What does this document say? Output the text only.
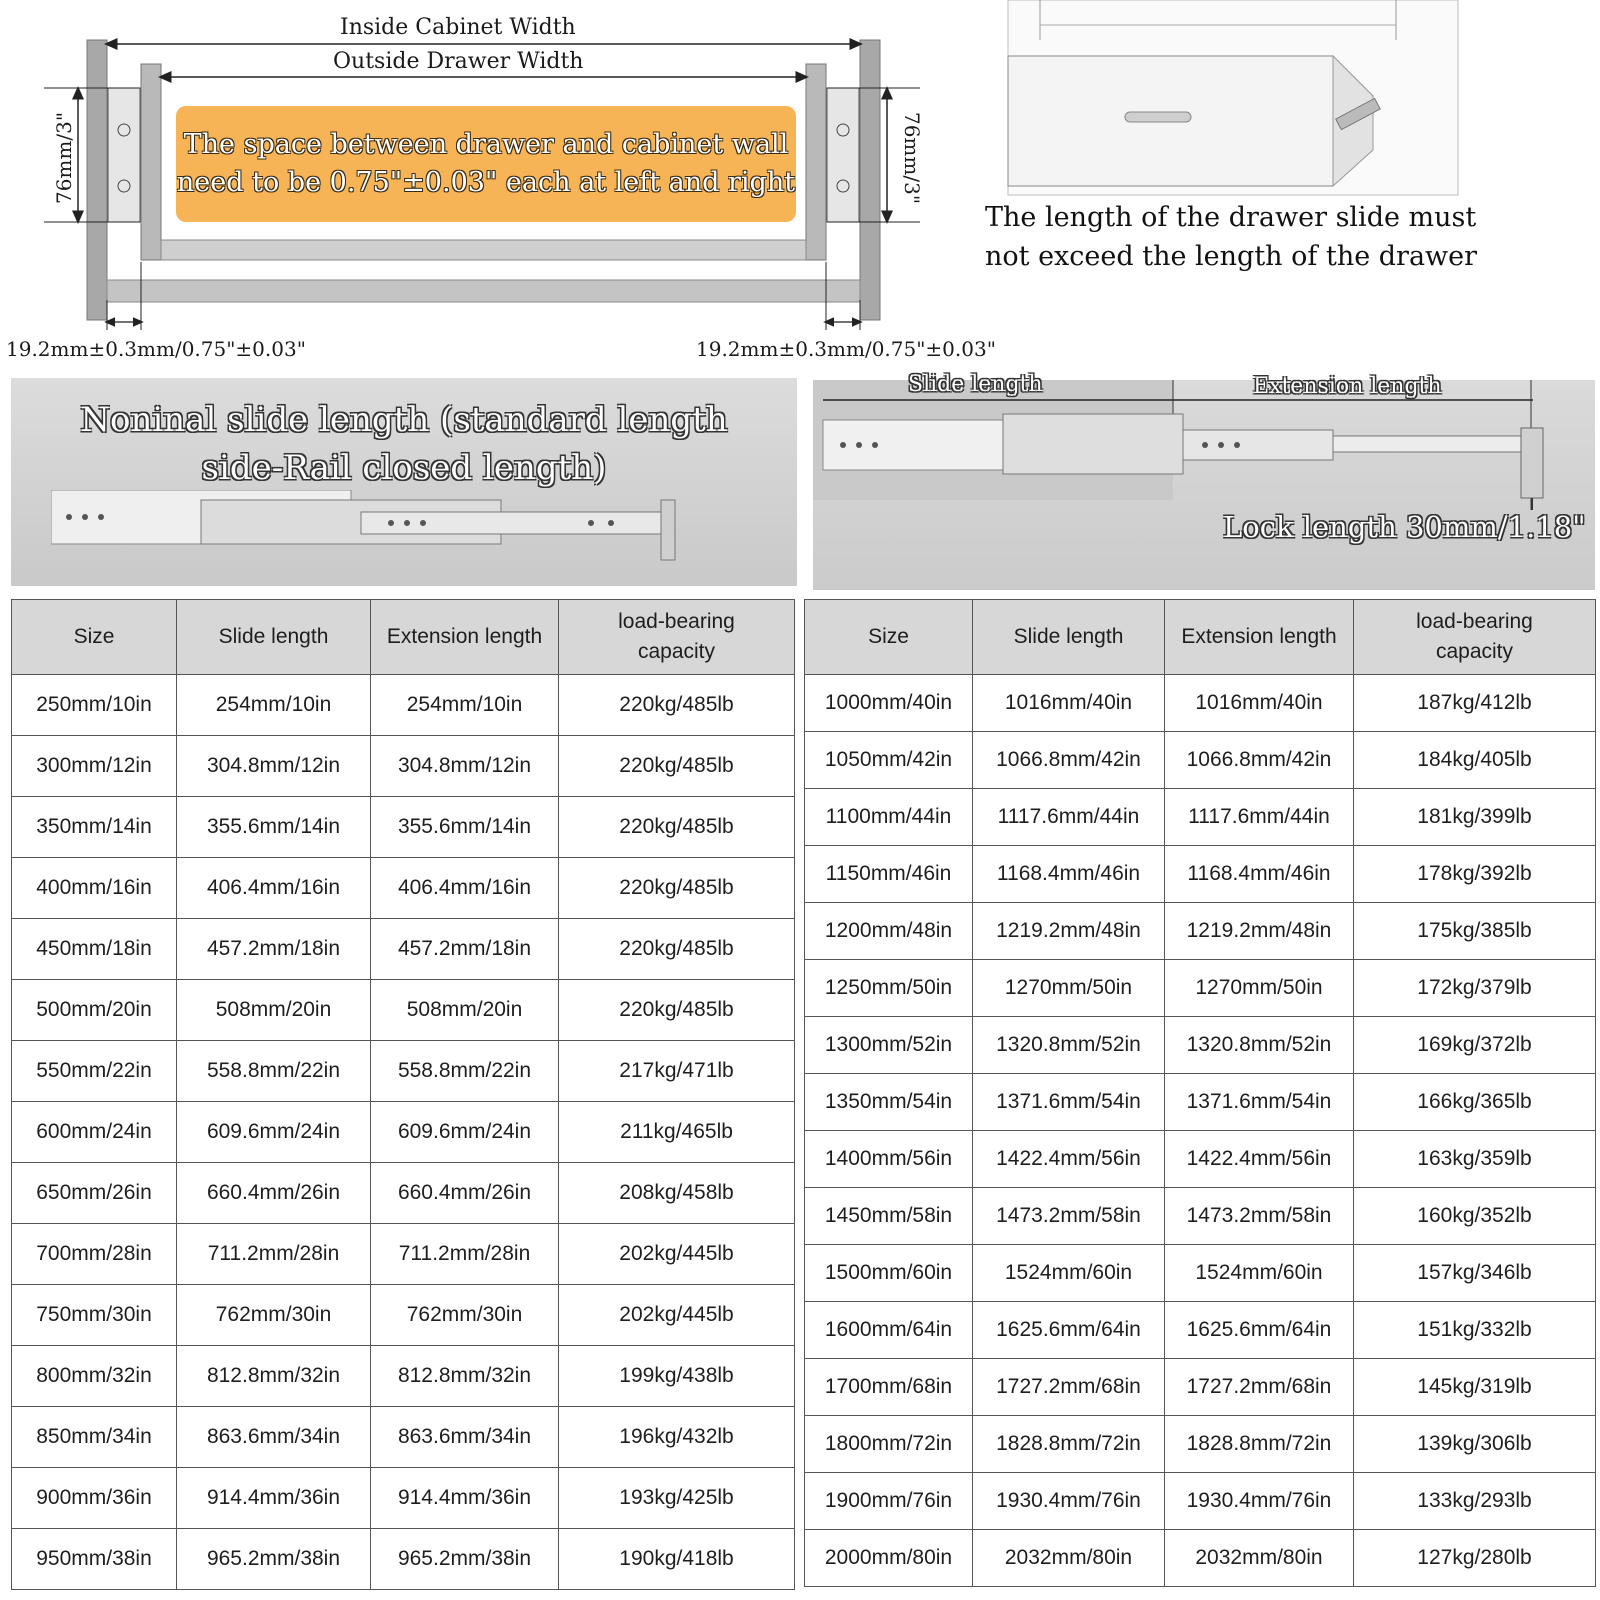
Inside Cabinet Width
Outside Drawer Width
76mm/3"	76mm/3"
The space between drawer and cabinet wall
need to be 0.75"±0.03" each at left and right
19.2mm±0.3mm/0.75"±0.03"	19.2mm±0.3mm/0.75"±0.03"
The length of the drawer slide must
not exceed the length of the drawer
Noninal slide length (standard length
side-Rail closed length)
Slide length	Extension length
Lock length 30mm/1.18"
Size	Slide length	Extension length	load-bearing
capacity
250mm/10in	254mm/10in	254mm/10in	220kg/485lb
300mm/12in	304.8mm/12in	304.8mm/12in	220kg/485lb
350mm/14in	355.6mm/14in	355.6mm/14in	220kg/485lb
400mm/16in	406.4mm/16in	406.4mm/16in	220kg/485lb
450mm/18in	457.2mm/18in	457.2mm/18in	220kg/485lb
500mm/20in	508mm/20in	508mm/20in	220kg/485lb
550mm/22in	558.8mm/22in	558.8mm/22in	217kg/471lb
600mm/24in	609.6mm/24in	609.6mm/24in	211kg/465lb
650mm/26in	660.4mm/26in	660.4mm/26in	208kg/458lb
700mm/28in	711.2mm/28in	711.2mm/28in	202kg/445lb
750mm/30in	762mm/30in	762mm/30in	202kg/445lb
800mm/32in	812.8mm/32in	812.8mm/32in	199kg/438lb
850mm/34in	863.6mm/34in	863.6mm/34in	196kg/432lb
900mm/36in	914.4mm/36in	914.4mm/36in	193kg/425lb
950mm/38in	965.2mm/38in	965.2mm/38in	190kg/418lb
Size	Slide length	Extension length	load-bearing
capacity
1000mm/40in	1016mm/40in	1016mm/40in	187kg/412lb
1050mm/42in	1066.8mm/42in	1066.8mm/42in	184kg/405lb
1100mm/44in	1117.6mm/44in	1117.6mm/44in	181kg/399lb
1150mm/46in	1168.4mm/46in	1168.4mm/46in	178kg/392lb
1200mm/48in	1219.2mm/48in	1219.2mm/48in	175kg/385lb
1250mm/50in	1270mm/50in	1270mm/50in	172kg/379lb
1300mm/52in	1320.8mm/52in	1320.8mm/52in	169kg/372lb
1350mm/54in	1371.6mm/54in	1371.6mm/54in	166kg/365lb
1400mm/56in	1422.4mm/56in	1422.4mm/56in	163kg/359lb
1450mm/58in	1473.2mm/58in	1473.2mm/58in	160kg/352lb
1500mm/60in	1524mm/60in	1524mm/60in	157kg/346lb
1600mm/64in	1625.6mm/64in	1625.6mm/64in	151kg/332lb
1700mm/68in	1727.2mm/68in	1727.2mm/68in	145kg/319lb
1800mm/72in	1828.8mm/72in	1828.8mm/72in	139kg/306lb
1900mm/76in	1930.4mm/76in	1930.4mm/76in	133kg/293lb
2000mm/80in	2032mm/80in	2032mm/80in	127kg/280lb
